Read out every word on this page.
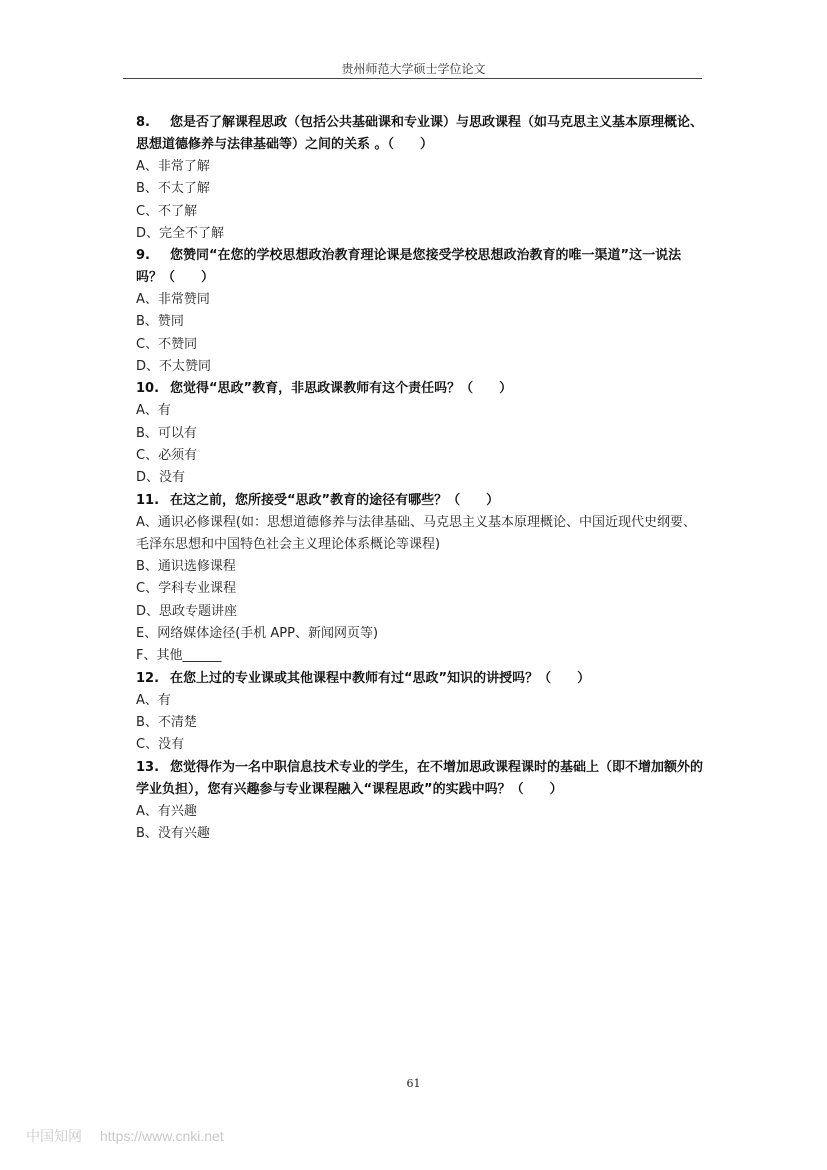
贵州师范大学硕士学位论文

8. 您是否了解课程思政（包括公共基础课和专业课）与思政课程（如马克思主义基本原理概论、思想道德修养与法律基础等）之间的关系 。（　　）

A、非常了解

B、不太了解

C、不了解

D、完全不了解

9. 您赞同“在您的学校思想政治教育理论课是您接受学校思想政治教育的唯一渠道”这一说法吗？（　　）

A、非常赞同

B、赞同

C、不赞同

D、不太赞同

10. 您觉得“思政”教育，非思政课教师有这个责任吗？（　　）

A、有

B、可以有

C、必须有

D、没有

11. 在这之前，您所接受“思政”教育的途径有哪些？（　　）

A、通识必修课程(如：思想道德修养与法律基础、马克思主义基本原理概论、中国近现代史纲要、毛泽东思想和中国特色社会主义理论体系概论等课程)

B、通识选修课程

C、学科专业课程

D、思政专题讲座

E、网络媒体途径(手机 APP、新闻网页等)

F、其他______

12. 在您上过的专业课或其他课程中教师有过“思政”知识的讲授吗？（　　）

A、有

B、不清楚

C、没有

13. 您觉得作为一名中职信息技术专业的学生，在不增加思政课程课时的基础上（即不增加额外的学业负担），您有兴趣参与专业课程融入“课程思政”的实践中吗？（　　）

A、有兴趣

B、没有兴趣

61
中国知网 https://www.cnki.net
